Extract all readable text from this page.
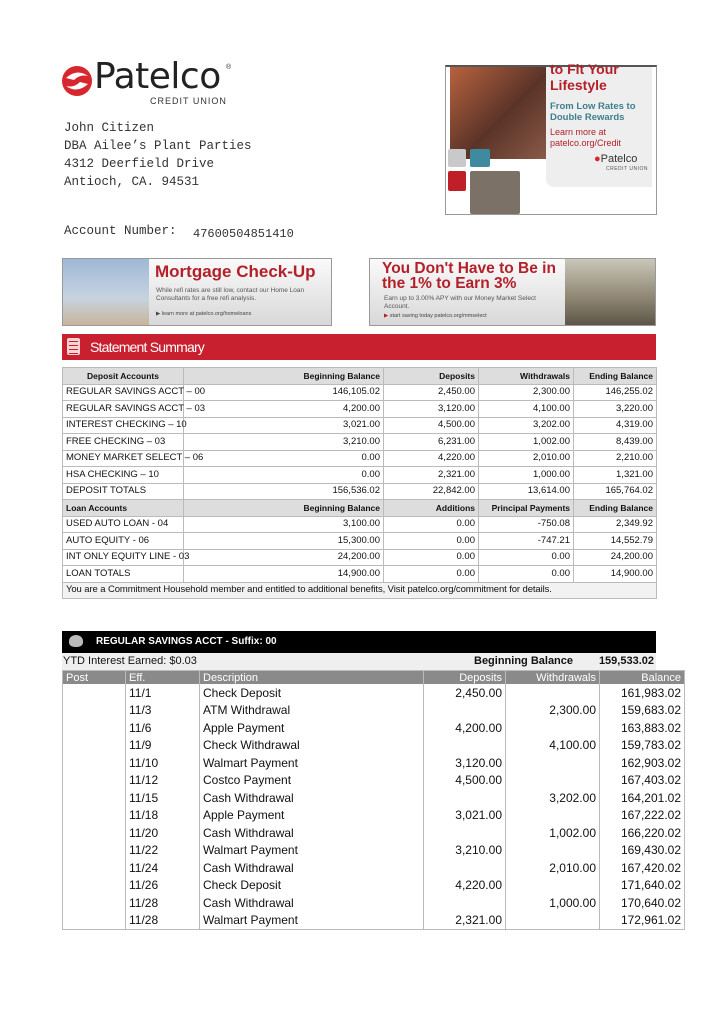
Patelco ®
CREDIT UNION
John Citizen
DBA Ailee’s Plant Parties
4312 Deerfield Drive
Antioch, CA. 94531
Account Number: 47600504851410
to Fit Your Lifestyle
From Low Rates to Double Rewards
Learn more at patelco.org/Credit
●Patelco
CREDIT UNION
Mortgage Check-Up
While refi rates are still low, contact our Home Loan Consultants for a free refi analysis.
▶ learn more at patelco.org/homeloans
You Don't Have to Be in the 1% to Earn 3%
Earn up to 3.00% APY with our Money Market Select Account.
▶ start saving today patelco.org/mmselect
Statement Summary
Deposit Accounts	Beginning Balance	Deposits	Withdrawals	Ending Balance
REGULAR SAVINGS ACCT – 00	146,105.02	2,450.00	2,300.00	146,255.02
REGULAR SAVINGS ACCT – 03	4,200.00	3,120.00	4,100.00	3,220.00
INTEREST CHECKING – 10	3,021.00	4,500.00	3,202.00	4,319.00
FREE CHECKING – 03	3,210.00	6,231.00	1,002.00	8,439.00
MONEY MARKET SELECT – 06	0.00	4,220.00	2,010.00	2,210.00
HSA CHECKING – 10	0.00	2,321.00	1,000.00	1,321.00
DEPOSIT TOTALS	156,536.02	22,842.00	13,614.00	165,764.02
Loan Accounts	Beginning Balance	Additions	Principal Payments	Ending Balance
USED AUTO LOAN - 04	3,100.00	0.00	-750.08	2,349.92
AUTO EQUITY - 06	15,300.00	0.00	-747.21	14,552.79
INT ONLY EQUITY LINE - 03	24,200.00	0.00	0.00	24,200.00
LOAN TOTALS	14,900.00	0.00	0.00	14,900.00
You are a Commitment Household member and entitled to additional benefits, Visit patelco.org/commitment for details.				
REGULAR SAVINGS ACCT - Suffix: 00
YTD Interest Earned: $0.03	Beginning Balance 159,533.02
Post	Eff.	Description	Deposits	Withdrawals	Balance
	11/1	Check Deposit	2,450.00		161,983.02
	11/3	ATM Withdrawal		2,300.00	159,683.02
	11/6	Apple Payment	4,200.00		163,883.02
	11/9	Check Withdrawal		4,100.00	159,783.02
	11/10	Walmart Payment	3,120.00		162,903.02
	11/12	Costco Payment	4,500.00		167,403.02
	11/15	Cash Withdrawal		3,202.00	164,201.02
	11/18	Apple Payment	3,021.00		167,222.02
	11/20	Cash Withdrawal		1,002.00	166,220.02
	11/22	Walmart Payment	3,210.00		169,430.02
	11/24	Cash Withdrawal		2,010.00	167,420.02
	11/26	Check Deposit	4,220.00		171,640.02
	11/28	Cash Withdrawal		1,000.00	170,640.02
	11/28	Walmart Payment	2,321.00		172,961.02
